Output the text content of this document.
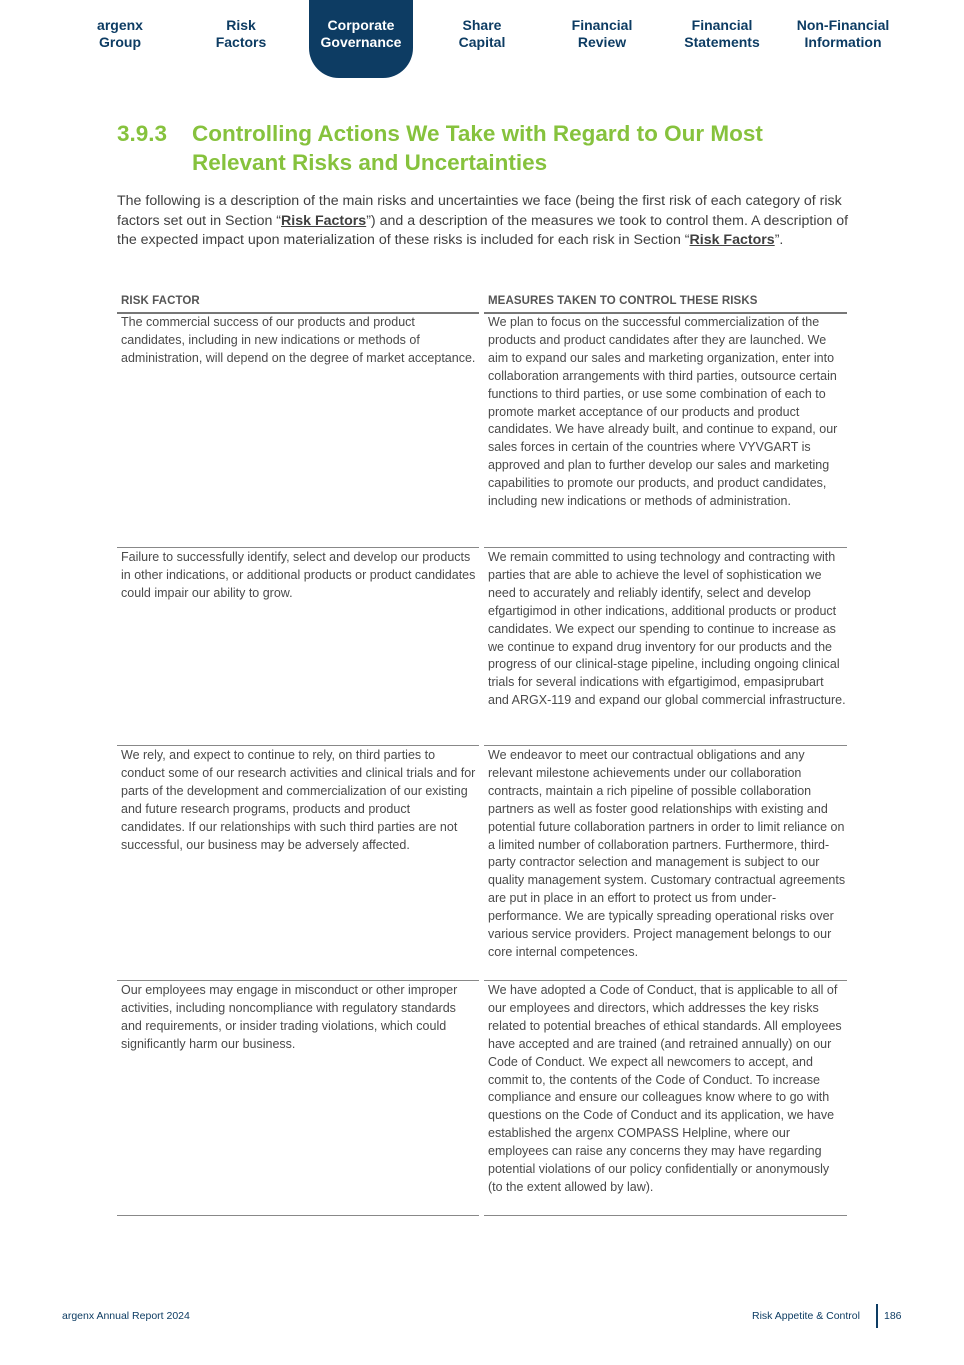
argenx
Group
Risk
Factors
Corporate
Governance
Share
Capital
Financial
Review
Financial
Statements
Non-Financial
Information
3.9.3 Controlling Actions We Take with Regard to Our Most Relevant Risks and Uncertainties

The following is a description of the main risks and uncertainties we face (being the first risk of each category of risk factors set out in Section “Risk Factors”) and a description of the measures we took to control them. A description of the expected impact upon materialization of these risks is included for each risk in Section “Risk Factors”.

RISK FACTOR	MEASURES TAKEN TO CONTROL THESE RISKS
The commercial success of our products and product candidates, including in new indications or methods of administration, will depend on the degree of market acceptance.
We plan to focus on the successful commercialization of the products and product candidates after they are launched. We aim to expand our sales and marketing organization, enter into collaboration arrangements with third parties, outsource certain functions to third parties, or use some combination of each to promote market acceptance of our products and product candidates. We have already built, and continue to expand, our sales forces in certain of the countries where VYVGART is approved and plan to further develop our sales and marketing capabilities to promote our products, and product candidates, including new indications or methods of administration.
Failure to successfully identify, select and develop our products in other indications, or additional products or product candidates could impair our ability to grow.
We remain committed to using technology and contracting with parties that are able to achieve the level of sophistication we need to accurately and reliably identify, select and develop efgartigimod in other indications, additional products or product candidates. We expect our spending to continue to increase as we continue to expand drug inventory for our products and the progress of our clinical-stage pipeline, including ongoing clinical trials for several indications with efgartigimod, empasiprubart and ARGX-119 and expand our global commercial infrastructure.
We rely, and expect to continue to rely, on third parties to conduct some of our research activities and clinical trials and for parts of the development and commercialization of our existing and future research programs, products and product candidates. If our relationships with such third parties are not successful, our business may be adversely affected.
We endeavor to meet our contractual obligations and any relevant milestone achievements under our collaboration contracts, maintain a rich pipeline of possible collaboration partners as well as foster good relationships with existing and potential future collaboration partners in order to limit reliance on a limited number of collaboration partners. Furthermore, third-party contractor selection and management is subject to our quality management system. Customary contractual agreements are put in place in an effort to protect us from under-performance. We are typically spreading operational risks over various service providers. Project management belongs to our core internal competences.
Our employees may engage in misconduct or other improper activities, including noncompliance with regulatory standards and requirements, or insider trading violations, which could significantly harm our business.
We have adopted a Code of Conduct, that is applicable to all of our employees and directors, which addresses the key risks related to potential breaches of ethical standards. All employees have accepted and are trained (and retrained annually) on our Code of Conduct. We expect all newcomers to accept, and commit to, the contents of the Code of Conduct. To increase compliance and ensure our colleagues know where to go with questions on the Code of Conduct and its application, we have established the argenx COMPASS Helpline, where our employees can raise any concerns they may have regarding potential violations of our policy confidentially or anonymously (to the extent allowed by law).
argenx Annual Report 2024	Risk Appetite & Control 186
